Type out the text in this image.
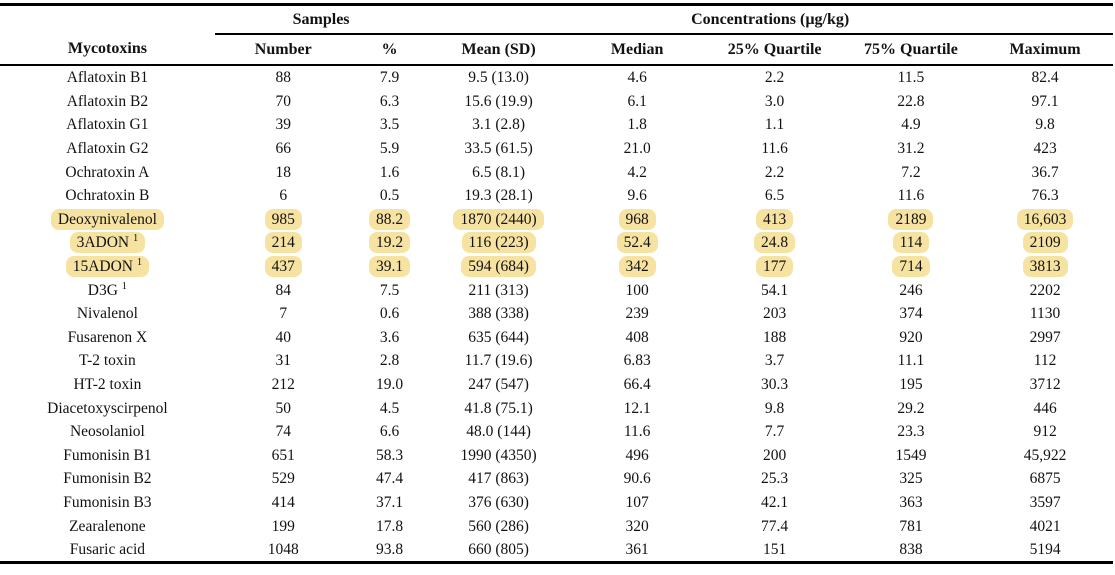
	Samples		Concentrations (µg/kg)				
Mycotoxins	Number	%	Mean (SD)	Median	25% Quartile	75% Quartile	Maximum
Aflatoxin B1	88	7.9	9.5 (13.0)	4.6	2.2	11.5	82.4
Aflatoxin B2	70	6.3	15.6 (19.9)	6.1	3.0	22.8	97.1
Aflatoxin G1	39	3.5	3.1 (2.8)	1.8	1.1	4.9	9.8
Aflatoxin G2	66	5.9	33.5 (61.5)	21.0	11.6	31.2	423
Ochratoxin A	18	1.6	6.5 (8.1)	4.2	2.2	7.2	36.7
Ochratoxin B	6	0.5	19.3 (28.1)	9.6	6.5	11.6	76.3
Deoxynivalenol	985	88.2	1870 (2440)	968	413	2189	16,603
3ADON $^1$	214	19.2	116 (223)	52.4	24.8	114	2109
15ADON $^1$	437	39.1	594 (684)	342	177	714	3813
D3G $^1$	84	7.5	211 (313)	100	54.1	246	2202
Nivalenol	7	0.6	388 (338)	239	203	374	1130
Fusarenon X	40	3.6	635 (644)	408	188	920	2997
T-2 toxin	31	2.8	11.7 (19.6)	6.83	3.7	11.1	112
HT-2 toxin	212	19.0	247 (547)	66.4	30.3	195	3712
Diacetoxyscirpenol	50	4.5	41.8 (75.1)	12.1	9.8	29.2	446
Neosolaniol	74	6.6	48.0 (144)	11.6	7.7	23.3	912
Fumonisin B1	651	58.3	1990 (4350)	496	200	1549	45,922
Fumonisin B2	529	47.4	417 (863)	90.6	25.3	325	6875
Fumonisin B3	414	37.1	376 (630)	107	42.1	363	3597
Zearalenone	199	17.8	560 (286)	320	77.4	781	4021
Fusaric acid	1048	93.8	660 (805)	361	151	838	5194
